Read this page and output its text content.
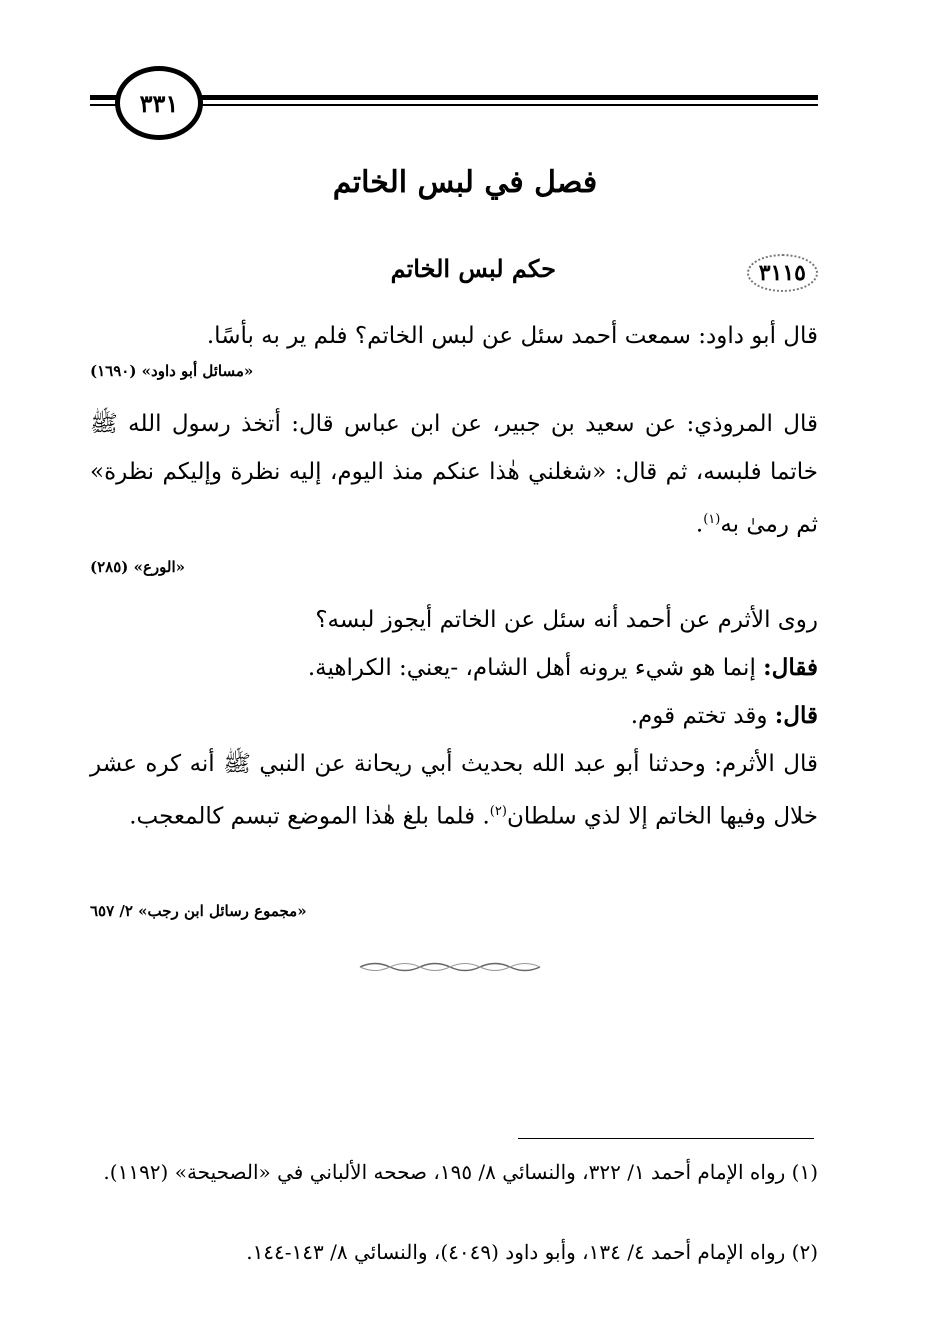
٣٣١
فصل في لبس الخاتم
٣١١٥
حكم لبس الخاتم
قال أبو داود: سمعت أحمد سئل عن لبس الخاتم؟ فلم ير به بأسًا.
«مسائل أبو داود» (١٦٩٠)
قال المروذي: عن سعيد بن جبير، عن ابن عباس قال: أتخذ رسول الله ﷺ خاتما فلبسه، ثم قال: «شغلني هٰذا عنكم منذ اليوم، إليه نظرة وإليكم نظرة» ثم رمىٰ به$^{(١)}$.
«الورع» (٢٨٥)
روى الأثرم عن أحمد أنه سئل عن الخاتم أيجوز لبسه؟
فقال: إنما هو شيء يرونه أهل الشام، -يعني: الكراهية.
قال: وقد تختم قوم.
قال الأثرم: وحدثنا أبو عبد الله بحديث أبي ريحانة عن النبي ﷺ أنه كره عشر خلال وفيها الخاتم إلا لذي سلطان$^{(٢)}$. فلما بلغ هٰذا الموضع تبسم كالمعجب.
«مجموع رسائل ابن رجب» ٢/ ٦٥٧
(١) رواه الإمام أحمد ١/ ٣٢٢، والنسائي ٨/ ١٩٥، صححه الألباني في «الصحيحة» (١١٩٢).
(٢) رواه الإمام أحمد ٤/ ١٣٤، وأبو داود (٤٠٤٩)، والنسائي ٨/ ١٤٣-١٤٤.
